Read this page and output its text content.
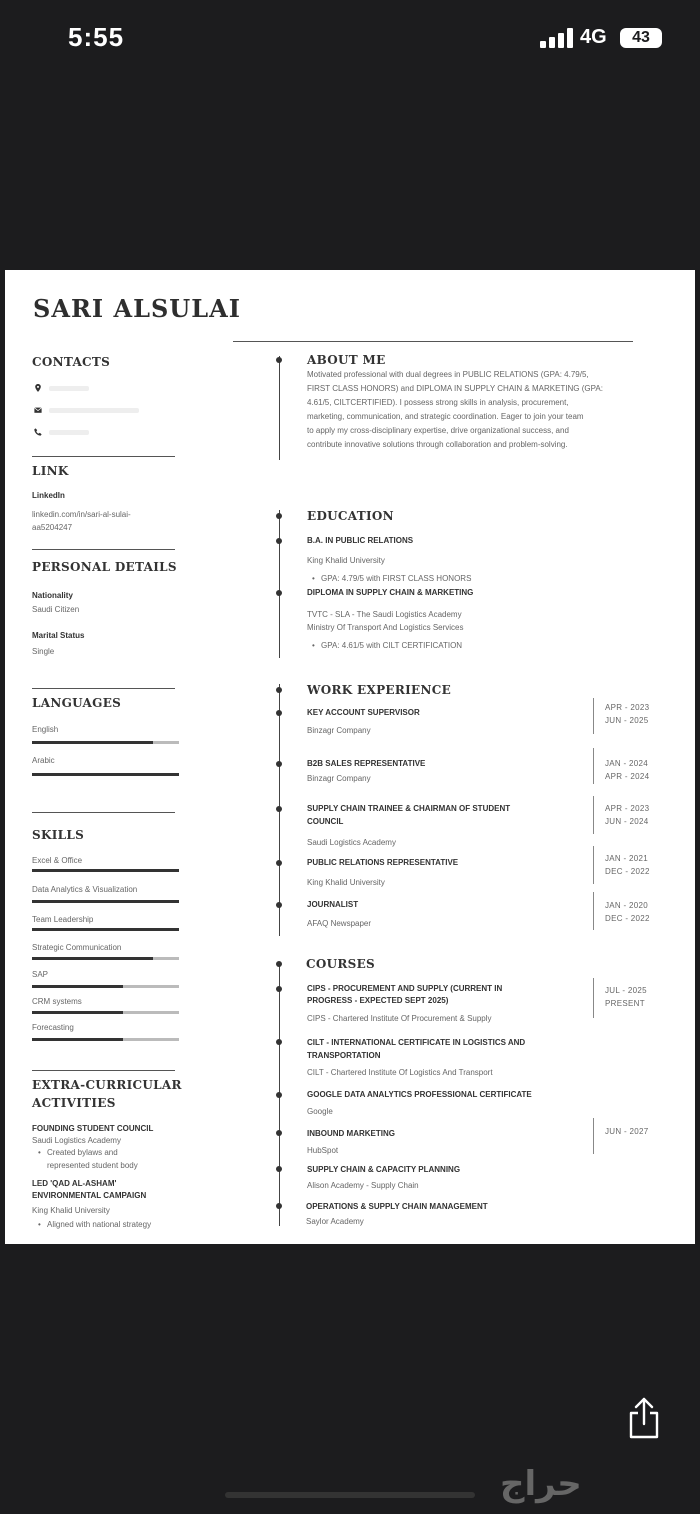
5:55	4G	43
SARI ALSULAI
CONTACTS
LINK
LinkedIn
linkedin.com/in/sari-al-sulai-
aa5204247
PERSONAL DETAILS
Nationality
Saudi Citizen
Marital Status
Single
LANGUAGES
English
Arabic
SKILLS
Excel & Office
Data Analytics & Visualization
Team Leadership
Strategic Communication
SAP
CRM systems
Forecasting
EXTRA-CURRICULAR
ACTIVITIES
FOUNDING STUDENT COUNCIL
Saudi Logistics Academy
• Created bylaws and
represented student body
LED 'QAD AL-ASHAM'
ENVIRONMENTAL CAMPAIGN
King Khalid University
• Aligned with national strategy
ABOUT ME
Motivated professional with dual degrees in PUBLIC RELATIONS (GPA: 4.79/5,
FIRST CLASS HONORS) and DIPLOMA IN SUPPLY CHAIN & MARKETING (GPA:
4.61/5, CILTCERTIFIED). I possess strong skills in analysis, procurement,
marketing, communication, and strategic coordination. Eager to join your team
to apply my cross-disciplinary expertise, drive organizational success, and
contribute innovative solutions through collaboration and problem-solving.
EDUCATION
B.A. IN PUBLIC RELATIONS
King Khalid University
• GPA: 4.79/5 with FIRST CLASS HONORS
DIPLOMA IN SUPPLY CHAIN & MARKETING
TVTC - SLA - The Saudi Logistics Academy
Ministry Of Transport And Logistics Services
• GPA: 4.61/5 with CILT CERTIFICATION
WORK EXPERIENCE
KEY ACCOUNT SUPERVISOR
Binzagr Company
APR - 2023
JUN - 2025
B2B SALES REPRESENTATIVE
Binzagr Company
JAN - 2024
APR - 2024
SUPPLY CHAIN TRAINEE & CHAIRMAN OF STUDENT
COUNCIL
Saudi Logistics Academy
APR - 2023
JUN - 2024
PUBLIC RELATIONS REPRESENTATIVE
King Khalid University
JAN - 2021
DEC - 2022
JOURNALIST
AFAQ Newspaper
JAN - 2020
DEC - 2022
COURSES
CIPS - PROCUREMENT AND SUPPLY (CURRENT IN
PROGRESS - EXPECTED SEPT 2025)
CIPS - Chartered Institute Of Procurement & Supply
JUL - 2025
PRESENT
CILT - INTERNATIONAL CERTIFICATE IN LOGISTICS AND
TRANSPORTATION
CILT - Chartered Institute Of Logistics And Transport
GOOGLE DATA ANALYTICS PROFESSIONAL CERTIFICATE
Google
INBOUND MARKETING
HubSpot
JUN - 2027
SUPPLY CHAIN & CAPACITY PLANNING
Alison Academy - Supply Chain
OPERATIONS & SUPPLY CHAIN MANAGEMENT
Saylor Academy
حراج
